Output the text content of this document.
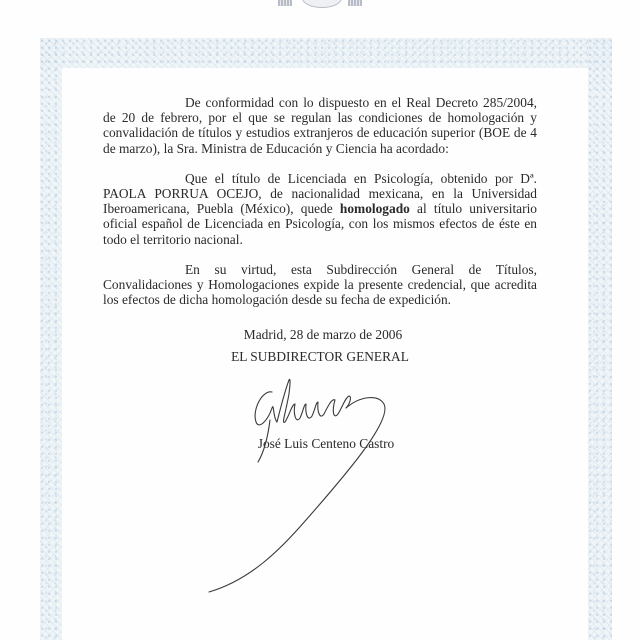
De conformidad con lo dispuesto en el Real Decreto 285/2004, de 20 de febrero, por el que se regulan las condiciones de homologación y convalidación de títulos y estudios extranjeros de educación superior (BOE de 4 de marzo), la Sra. Ministra de Educación y Ciencia ha acordado:

Que el título de Licenciada en Psicología, obtenido por Dª. PAOLA PORRUA OCEJO, de nacionalidad mexicana, en la Universidad Iberoamericana, Puebla (México), quede homologado al título universitario oficial español de Licenciada en Psicología, con los mismos efectos de éste en todo el territorio nacional.

En su virtud, esta Subdirección General de Títulos, Convalidaciones y Homologaciones expide la presente credencial, que acredita los efectos de dicha homologación desde su fecha de expedición.

Madrid, 28 de marzo de 2006
EL SUBDIRECTOR GENERAL
José Luis Centeno Castro
